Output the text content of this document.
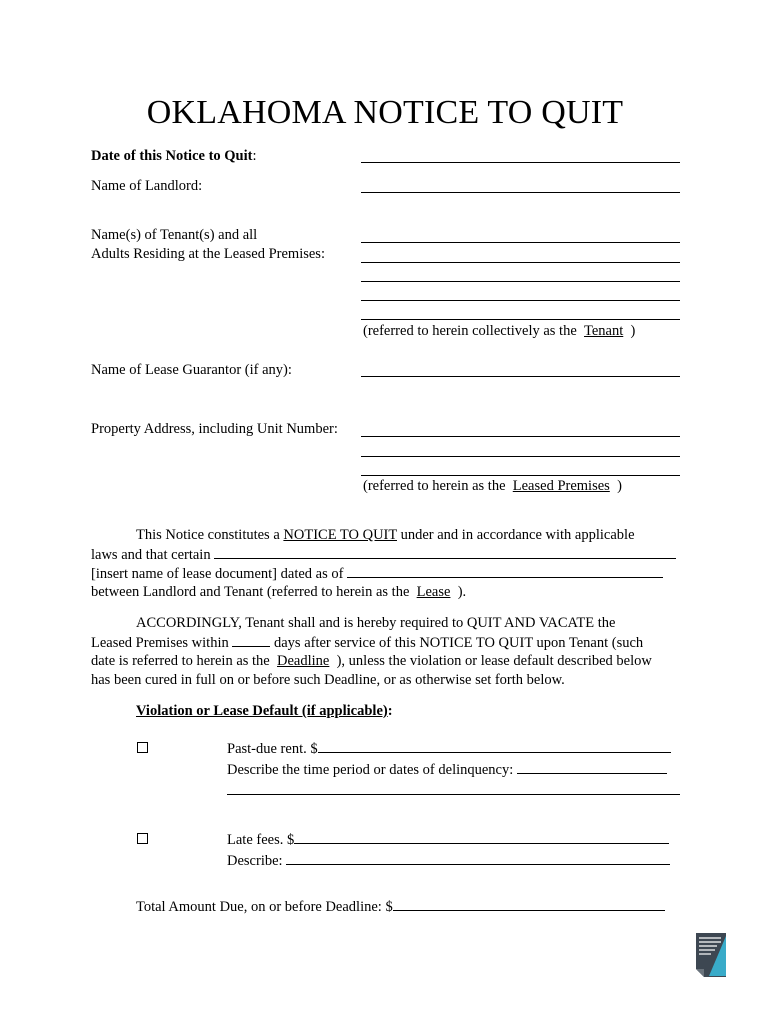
OKLAHOMA NOTICE TO QUIT
Date of this Notice to Quit:
Name of Landlord:
Name(s) of Tenant(s) and all
Adults Residing at the Leased Premises:
(referred to herein collectively as the Tenant )
Name of Lease Guarantor (if any):
Property Address, including Unit Number:
(referred to herein as the Leased Premises )
This Notice constitutes a NOTICE TO QUIT under and in accordance with applicable
laws and that certain
[insert name of lease document] dated as of
between Landlord and Tenant (referred to herein as the Lease ).
ACCORDINGLY, Tenant shall and is hereby required to QUIT AND VACATE the
Leased Premises within	days after service of this NOTICE TO QUIT upon Tenant (such
date is referred to herein as the Deadline ), unless the violation or lease default described below
has been cured in full on or before such Deadline, or as otherwise set forth below.
Violation or Lease Default (if applicable):
Past-due rent. $
Describe the time period or dates of delinquency:
Late fees. $
Describe:
Total Amount Due, on or before Deadline: $
